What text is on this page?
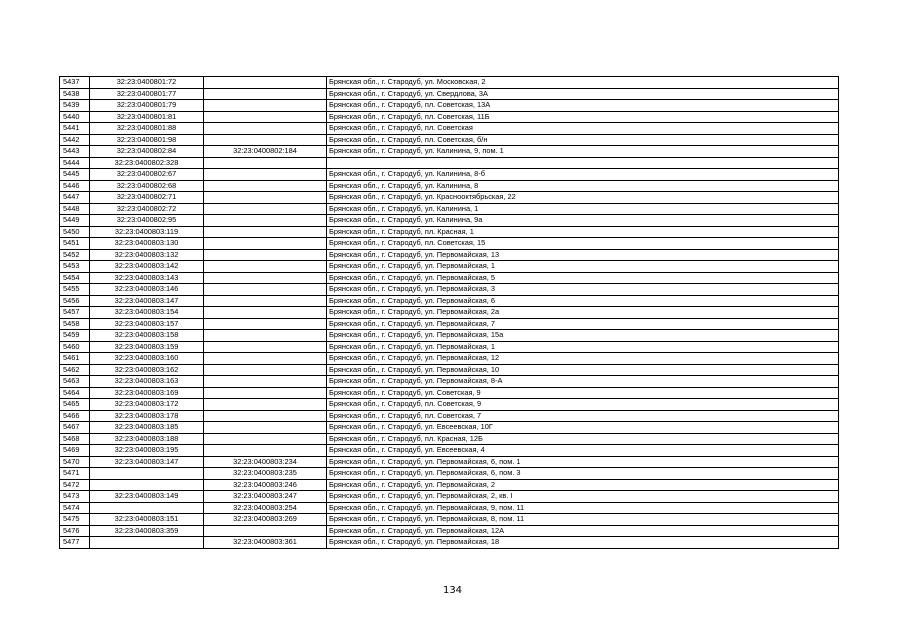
5437	32:23:0400801:72		Брянская обл., г. Стародуб, ул. Московская, 2
5438	32:23:0400801:77		Брянская обл., г. Стародуб, ул. Свердлова, 3А
5439	32:23:0400801:79		Брянская обл., г. Стародуб, пл. Советская, 13А
5440	32:23:0400801:81		Брянская обл., г. Стародуб, пл. Советская, 11Б
5441	32:23:0400801:88		Брянская обл., г. Стародуб, пл. Советская
5442	32:23:0400801:98		Брянская обл., г. Стародуб, пл. Советская, б/н
5443	32:23:0400802:84	32:23:0400802:184	Брянская обл., г. Стародуб, ул. Калинина, 9, пом. 1
5444	32:23:0400802:328		
5445	32:23:0400802:67		Брянская обл., г. Стародуб, ул. Калинина, 8-б
5446	32:23:0400802:68		Брянская обл., г. Стародуб, ул. Калинина, 8
5447	32:23:0400802:71		Брянская обл., г. Стародуб, ул. Краснооктябрьская, 22
5448	32:23:0400802:72		Брянская обл., г. Стародуб, ул. Калинина, 1
5449	32:23:0400802:95		Брянская обл., г. Стародуб, ул. Калинина, 9а
5450	32:23:0400803:119		Брянская обл., г. Стародуб, пл. Красная, 1
5451	32:23:0400803:130		Брянская обл., г. Стародуб, пл. Советская, 15
5452	32:23:0400803:132		Брянская обл., г. Стародуб, ул. Первомайская, 13
5453	32:23:0400803:142		Брянская обл., г. Стародуб, ул. Первомайская, 1
5454	32:23:0400803:143		Брянская обл., г. Стародуб, ул. Первомайская, 5
5455	32:23:0400803:146		Брянская обл., г. Стародуб, ул. Первомайская, 3
5456	32:23:0400803:147		Брянская обл., г. Стародуб, ул. Первомайская, 6
5457	32:23:0400803:154		Брянская обл., г. Стародуб, ул. Первомайская, 2а
5458	32:23:0400803:157		Брянская обл., г. Стародуб, ул. Первомайская, 7
5459	32:23:0400803:158		Брянская обл., г. Стародуб, ул. Первомайская, 15а
5460	32:23:0400803:159		Брянская обл., г. Стародуб, ул. Первомайская, 1
5461	32:23:0400803:160		Брянская обл., г. Стародуб, ул. Первомайская, 12
5462	32:23:0400803:162		Брянская обл., г. Стародуб, ул. Первомайская, 10
5463	32:23:0400803:163		Брянская обл., г. Стародуб, ул. Первомайская, 8-А
5464	32:23:0400803:169		Брянская обл., г. Стародуб, ул. Советская, 9
5465	32:23:0400803:172		Брянская обл., г. Стародуб, пл. Советская, 9
5466	32:23:0400803:178		Брянская обл., г. Стародуб, пл. Советская, 7
5467	32:23:0400803:185		Брянская обл., г. Стародуб, ул. Евсеевская, 10Г
5468	32:23:0400803:188		Брянская обл., г. Стародуб, пл. Красная, 12Б
5469	32:23:0400803:195		Брянская обл., г. Стародуб, ул. Евсеевская, 4
5470	32:23:0400803:147	32:23:0400803:234	Брянская обл., г. Стародуб, ул. Первомайская, 6, пом. 1
5471		32:23:0400803:235	Брянская обл., г. Стародуб, ул. Первомайская, 6, пом. 3
5472		32:23:0400803:246	Брянская обл., г. Стародуб, ул. Первомайская, 2
5473	32:23:0400803:149	32:23:0400803:247	Брянская обл., г. Стародуб, ул. Первомайская, 2, кв. I
5474		32:23:0400803:254	Брянская обл., г. Стародуб, ул. Первомайская, 9, пом. 11
5475	32:23:0400803:151	32:23:0400803:269	Брянская обл., г. Стародуб, ул. Первомайская, 8, пом. 11
5476	32:23:0400803:359		Брянская обл., г. Стародуб, ул. Первомайская, 12А
5477		32:23:0400803:361	Брянская обл., г. Стародуб, ул. Первомайская, 18
134
